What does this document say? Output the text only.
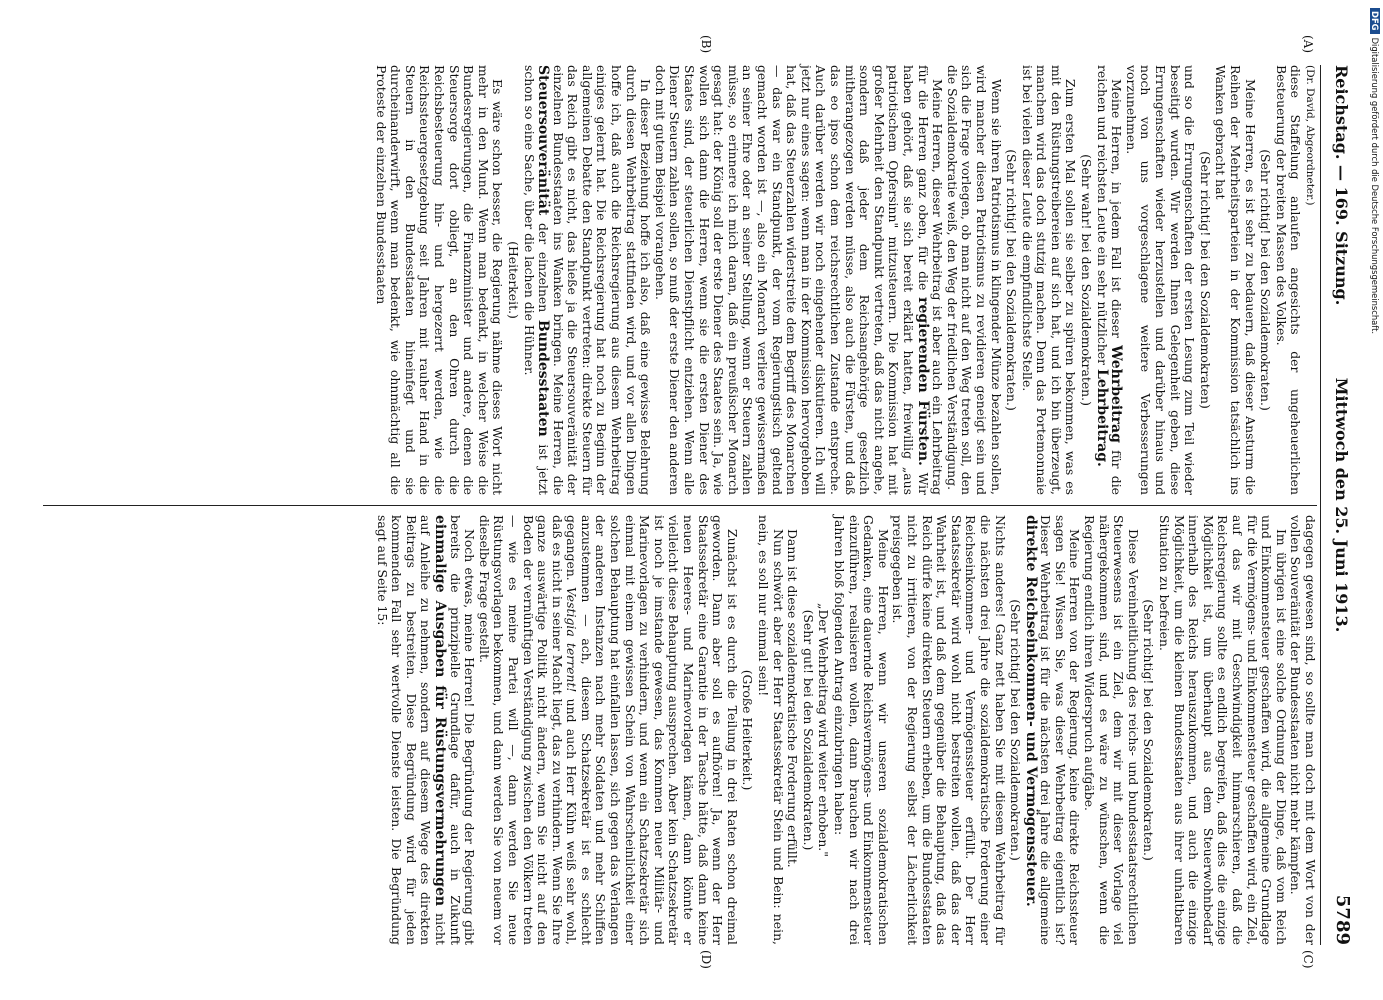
Reichstag. — 169. Sitzung.
Mittwoch den 25. Juni 1913.
5789
(A)
(B)
(C)
(D)

(Dr. David, Abgeordneter.)

diese Staffelung anlaufen angesichts der ungeheuerlichen Besteuerung der breiten Massen des Volkes.

(Sehr richtig! bei den Sozialdemokraten.)

Meine Herren, es ist sehr zu bedauern, daß dieser Ansturm die Reihen der Mehrheitsparteien in der Kommission tatsächlich ins Wanken gebracht hat

(Sehr richtig! bei den Sozialdemokraten)

und so die Errungenschaften der ersten Lesung zum Teil wieder beseitigt wurden. Wir werden Ihnen Gelegenheit geben, diese Errungenschaften wieder herzustellen und darüber hinaus und noch von uns vorgeschlagene weitere Verbesserungen vorzunehmen.

Meine Herren, in jedem Fall ist dieser Wehrbeitrag für die reichen und reichsten Leute ein sehr nützlicher Lehrbeitrag.

(Sehr wahr! bei den Sozialdemokraten.)

Zum ersten Mal sollen sie selber zu spüren bekommen, was es mit den Rüstungstreibereien auf sich hat, und ich bin überzeugt, manchem wird das doch stutzig machen. Denn das Portemonnaie ist bei vielen dieser Leute die empfindlichste Stelle.

(Sehr richtig! bei den Sozialdemokraten.)

Wenn sie ihren Patriotismus in klingender Münze bezahlen sollen, wird mancher diesen Patriotismus zu revidieren geneigt sein und sich die Frage vorlegen, ob man nicht auf den Weg treten soll, den die Sozialdemokratie weiß, den Weg der friedlichen Verständigung.

Meine Herren, dieser Wehrbeitrag ist aber auch ein Lehrbeitrag für die Herren ganz oben, für die regierenden Fürsten. Wir haben gehört, daß sie sich bereit erklärt hatten, freiwillig „aus patriotischem Opfersinn" mitzusteuern. Die Kommission hat mit großer Mehrheit den Standpunkt vertreten, daß das nicht angehe, sondern daß jeder dem Reichsangehörige gesetzlich mitherangezogen werden müsse, also auch die Fürsten, und daß das eo ipso schon dem reichsrechtlichen Zustande entspreche. Auch darüber werden wir noch eingehender diskutieren. Ich will jetzt nur eines sagen: wenn man in der Kommission hervorgehoben hat, daß das Steuerzahlen widerstreite dem Begriff des Monarchen — das war ein Standpunkt, der vom Regierungstisch geltend gemacht worden ist —, also ein Monarch verliere gewissermaßen an seiner Ehre oder an seiner Stellung, wenn er Steuern zahlen müsse, so erinnere ich mich daran, daß ein preußischer Monarch gesagt hat: der König soll der erste Diener des Staates sein. Ja, wie wollen sich dann die Herren, wenn sie die ersten Diener des Staates sind, der steuerlichen Dienstpflicht entziehen. Wenn alle Diener Steuern zahlen sollen, so muß der erste Diener den anderen doch mit gutem Beispiel vorangehen.

In dieser Beziehung hoffe ich also, daß eine gewisse Belehrung durch diesen Wehrbeitrag stattfinden wird, und vor allen Dingen hoffe ich, daß auch die Reichsregierung aus diesem Wehrbeitrag einiges gelernt hat. Die Reichsregierung hat noch zu Beginn der allgemeinen Debatte den Standpunkt vertreten: direkte Steuern für das Reich gibt es nicht, das hieße ja die Steuersouveränität der einzelnen Bundesstaaten ins Wanken bringen. Meine Herren, die Steuersouveränität der einzelnen Bundesstaaten ist jetzt schon so eine Sache, über die lachen die Hühner.

(Heiterkeit.)

Es wäre schon besser, die Regierung nähme dieses Wort nicht mehr in den Mund. Wenn man bedenkt, in welcher Weise die Bundesregierungen, die Finanzminister und andere, denen die Steuersorge dort obliegt, an den Ohren durch die Reichsbesteuerung hin- und hergezerrt werden, wie die Reichssteuergesetzgebung seit Jahren mit rauher Hand in die Steuern in den Bundesstaaten hineinfegt und sie durcheinanderwirft, wenn man bedenkt, wie ohnmächtig all die Proteste der einzelnen Bundesstaaten

dagegen gewesen sind, so sollte man doch mit dem Wort von der vollen Souveränität der Bundesstaaten nicht mehr kämpfen.

Im übrigen ist eine solche Ordnung der Dinge, daß vom Reich und Einkommensteuer geschaffen wird, die allgemeine Grundlage für die Vermögens- und Einkommensteuer geschaffen wird, ein Ziel, auf das wir mit Geschwindigkeit hinmarschieren, daß die Reichsregierung sollte es endlich begreifen, daß dies die einzige Möglichkeit ist, um überhaupt aus dem Steuerwohnbedarf innerhalb des Reichs herauszukommen, und auch die einzige Möglichkeit, um die kleinen Bundesstaaten aus ihrer unhaltbaren Situation zu befreien.

(Sehr richtig! bei den Sozialdemokraten.)

Diese Vereinheitlichung des reichs- und bundesstaatsrechtlichen Steuerwesens ist ein Ziel, dem wir mit dieser Vorlage viel nähergekommen sind, und es wäre zu wünschen, wenn die Regierung endlich ihren Widerspruch aufgäbe.

Meine Herren von der Regierung, keine direkte Reichssteuer sagen Sie! Wissen Sie, was dieser Wehrbeitrag eigentlich ist? Dieser Wehrbeitrag ist für die nächsten drei Jahre die allgemeine direkte Reichseinkommen- und Vermögenssteuer.

(Sehr richtig! bei den Sozialdemokraten.)

Nichts anderes! Ganz nett haben Sie mit diesem Wehrbeitrag für die nächsten drei Jahre die sozialdemokratische Forderung einer Reichseinkommen- und Vermögenssteuer erfüllt. Der Herr Staatssekretär wird wohl nicht bestreiten wollen, daß das der Wahrheit ist, und daß dem gegenüber die Behauptung, daß das Reich dürfe keine direkten Steuern erheben, um die Bundesstaaten nicht zu irritieren, von der Regierung selbst der Lächerlichkeit preisgegeben ist.

Meine Herren, wenn wir unseren sozialdemokratischen Gedanken, eine dauernde Reichsvermögens- und Einkommensteuer einzuführen, realisieren wollen, dann brauchen wir nach drei Jahren bloß folgenden Antrag einzubringen haben:

„Der Wehrbeitrag wird weiter erhoben."

(Sehr gut! bei den Sozialdemokraten.)

Dann ist diese sozialdemokratische Forderung erfüllt.

Nun schwört aber der Herr Staatssekretär Stein und Bein: nein, nein, es soll nur einmal sein!

(Große Heiterkeit.)

Zunächst ist es durch die Teilung in drei Raten schon dreimal geworden. Dann aber soll es aufhören! Ja, wenn der Herr Staatssekretär eine Garantie in der Tasche hätte, daß dann keine neuen Heeres- und Marinevorlagen kämen, dann könnte er vielleicht diese Behauptung aussprechen. Aber kein Schatzsekretär ist noch je imstande gewesen, das Kommen neuer Militär- und Marinevorlagen zu verhindern, und wenn ein Schatzsekretär sich einmal mit einem gewissen Schein von Wahrscheinlichkeit einer solchen Behauptung hat einfallen lassen, sich gegen das Verlangen der anderen Instanzen nach mehr Soldaten und mehr Schiffen anzustemmen — ach, diesem Schatzsekretär ist es schlecht gegangen. Vestigia terrent! und auch Herr Kühn weiß sehr wohl, daß es nicht in seiner Macht liegt, das zu verhindern. Wenn Sie Ihre ganze auswärtige Politik nicht ändern, wenn Sie nicht auf den Boden der vernünftigen Verständigung zwischen den Völkern treten — wie es meine Partei will —, dann werden Sie neue Rüstungsvorlagen bekommen, und dann werden Sie von neuem vor dieselbe Frage gestellt.

Noch etwas, meine Herren! Die Begründung der Regierung gibt bereits die prinzipielle Grundlage dafür, auch in Zukunft einmalige Ausgaben für Rüstungsvermehrungen nicht auf Anleihe zu nehmen, sondern auf diesem Wege des direkten Beitrags zu bestreiten. Diese Begründung wird für jeden kommenden Fall sehr wertvolle Dienste leisten. Die Begründung sagt auf Seite 15:

DFGDigitalisierung gefördert durch die Deutsche Forschungsgemeinschaft.
